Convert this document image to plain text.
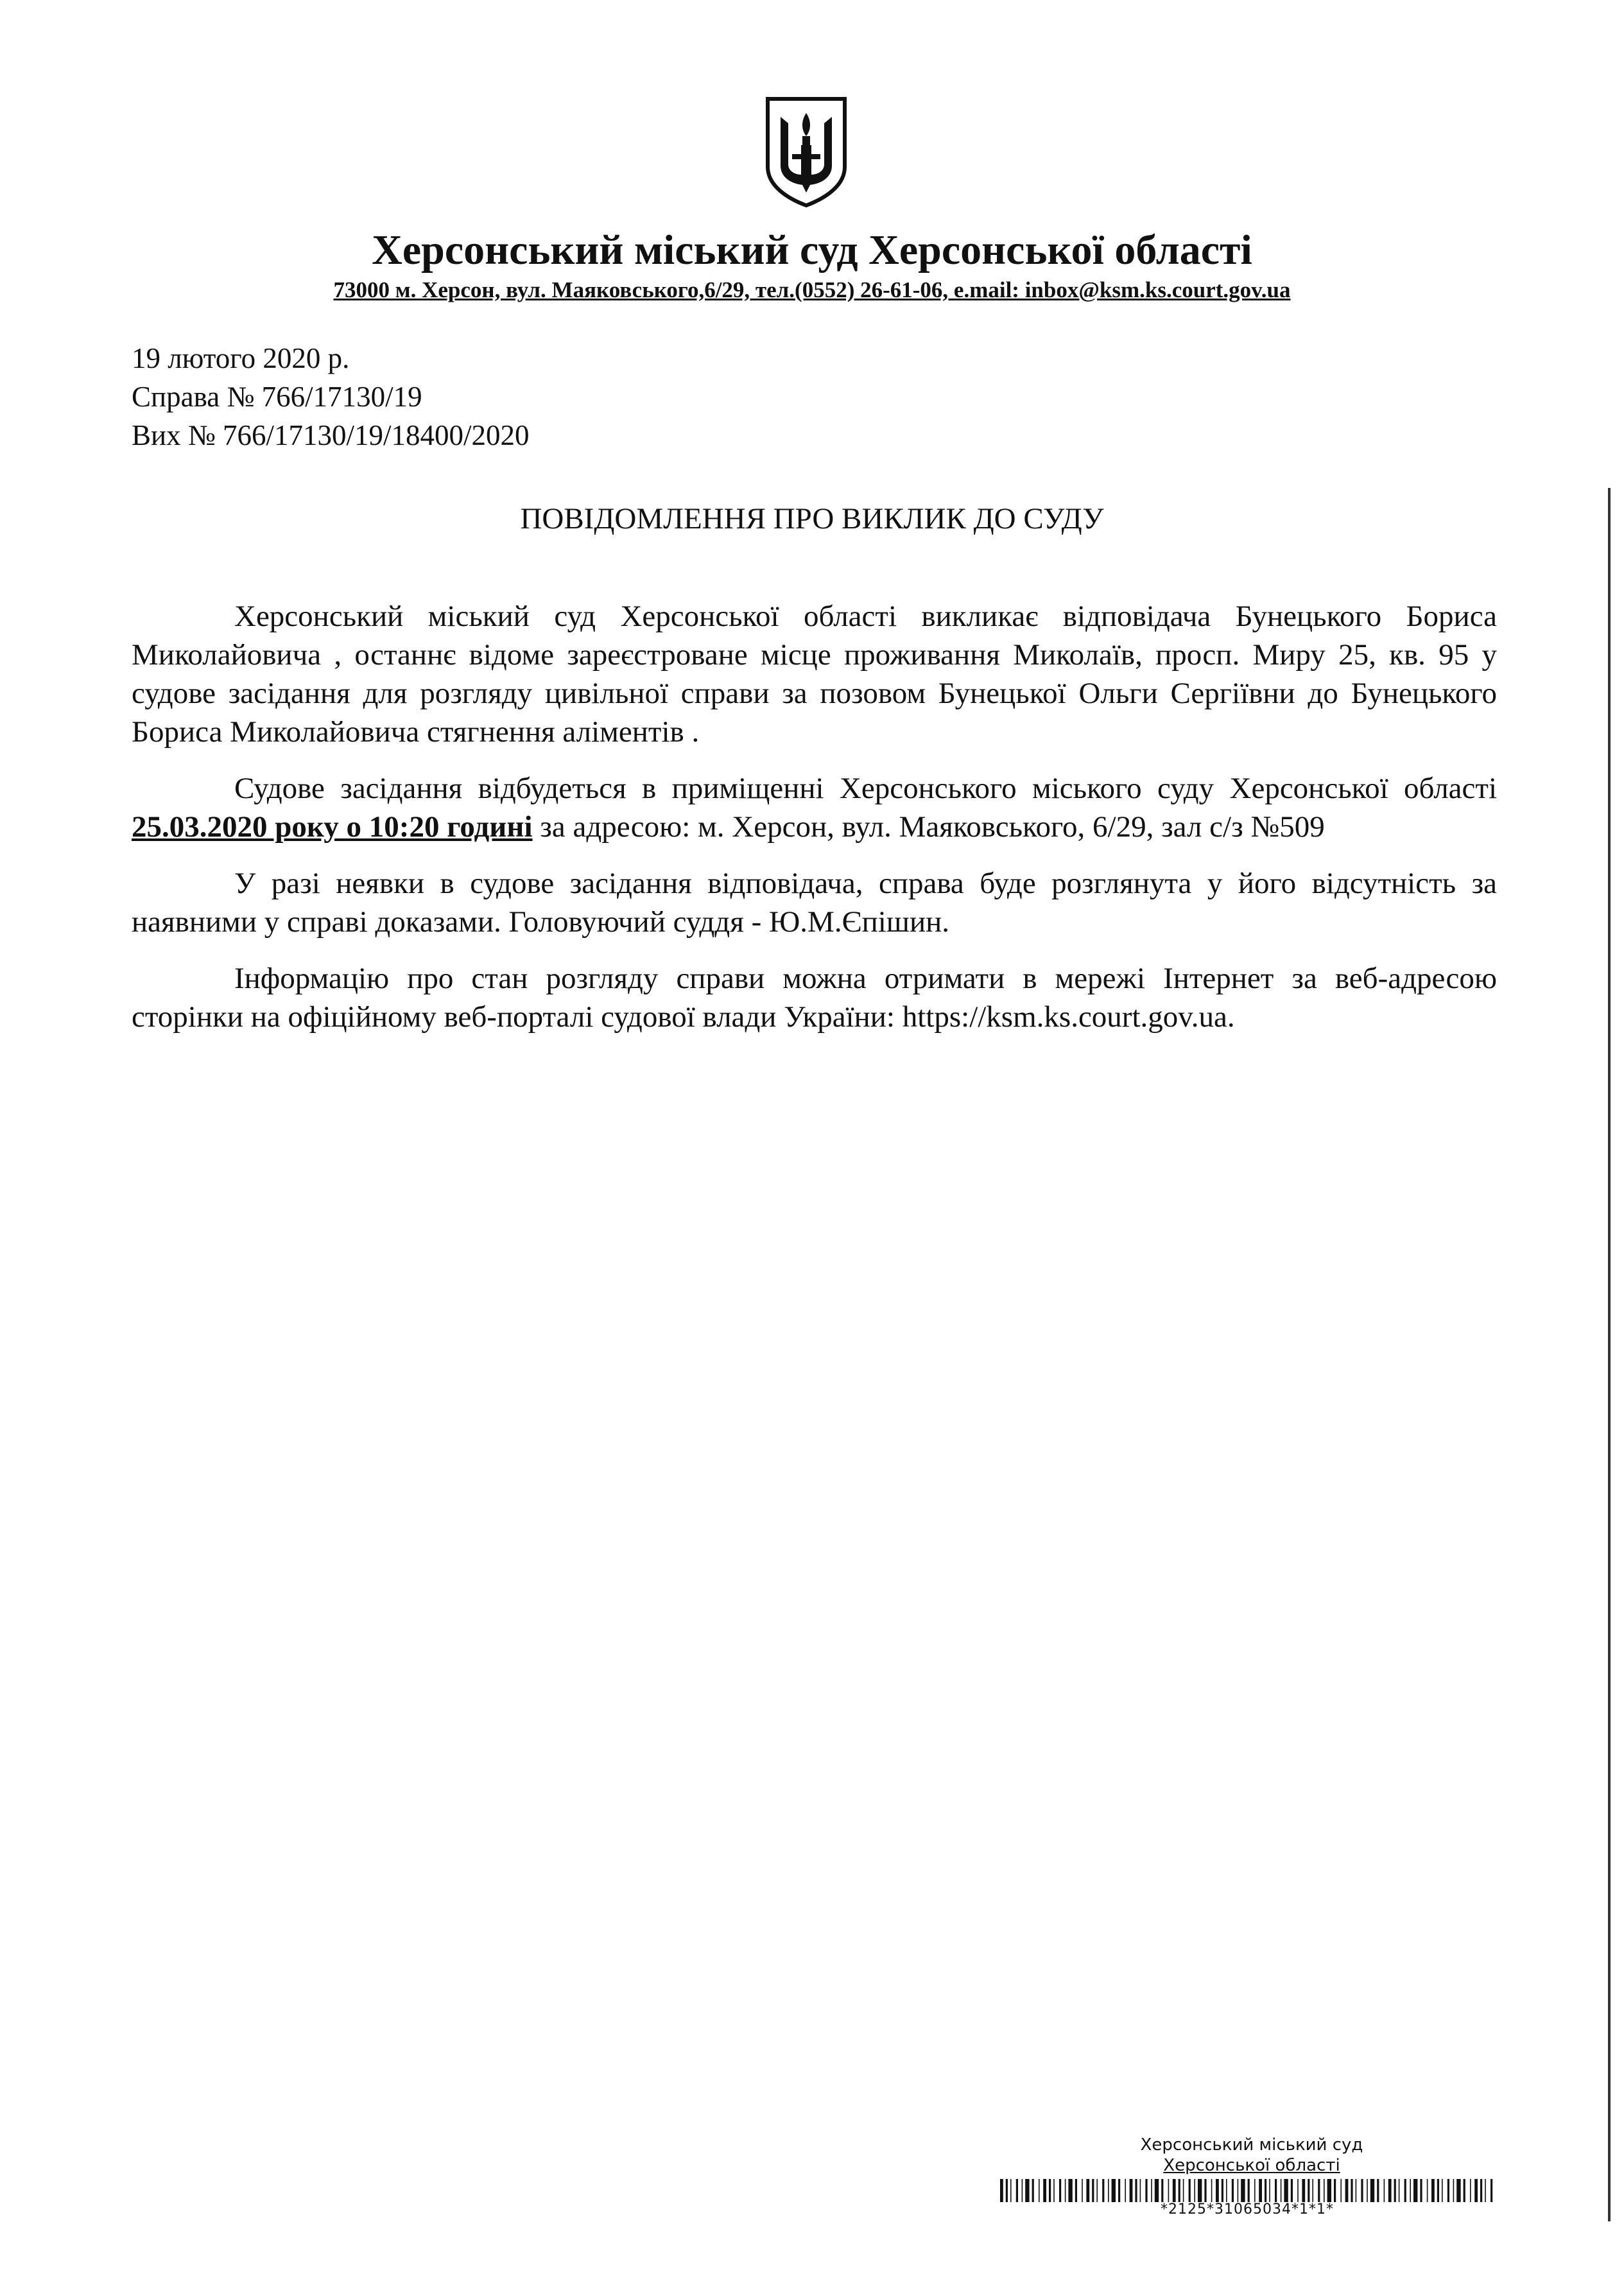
Херсонський міський суд Херсонської області
73000 м. Херсон, вул. Маяковського,6/29, тел.(0552) 26-61-06, e.mail: inbox@ksm.ks.court.gov.ua
19 лютого 2020 р.
Справа № 766/17130/19
Вих № 766/17130/19/18400/2020
ПОВІДОМЛЕННЯ ПРО ВИКЛИК ДО СУДУ

Херсонський міський суд Херсонської області викликає відповідача Бунецького Бориса Миколайовича , останнє відоме зареєстроване місце проживання Миколаїв, просп. Миру 25, кв. 95 у судове засідання для розгляду цивільної справи за позовом Бунецької Ольги Сергіївни до Бунецького Бориса Миколайовича стягнення аліментів .

Судове засідання відбудеться в приміщенні Херсонського міського суду Херсонської області 25.03.2020 року о 10:20 годині за адресою: м. Херсон, вул. Маяковського, 6/29, зал с/з №509

У разі неявки в судове засідання відповідача, справа буде розглянута у його відсутність за наявними у справі доказами. Головуючий суддя - Ю.М.Єпішин.

Інформацію про стан розгляду справи можна отримати в мережі Інтернет за веб-адресою сторінки на офіційному веб-порталі судової влади України: https://ksm.ks.court.gov.ua.

Херсонський міський суд
Херсонської області
*2125*31065034*1*1*
